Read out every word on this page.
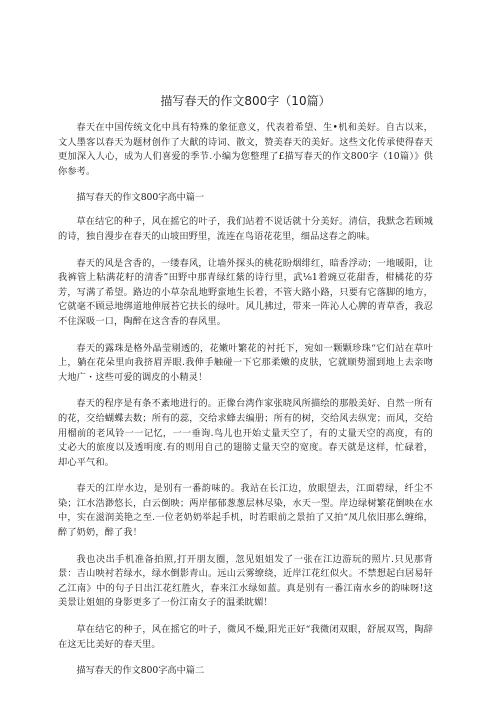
描写春天的作文800字（10篇）

春天在中国传统文化中具有特殊的象征意义，代表着希望、生•机和美好。自古以来，文人墨客以春天为题材创作了大献的诗词、散文，赞美春天的美好。这些文化传承使得春天更加深入人心，成为人们喜爱的季节.小编为您整理了£描写春天的作文800字（10篇）》供你参考。

描写春天的作文800字高中篇一

草在结它的种子，风在摇它的叶子，我们站着不说话就十分美好。清信，我默念若顾城的诗，独自漫步在春天的山坡田野里，流连在鸟语花花里，细品这春之韵味。

春天的风是含香的，一缕春风，让墙外探头的桃花盼烟绯红，暗香浮动；一地暖阳，让我裤管上粘满花籽的清香”田野中那青绿红紫的诗行里，武⅛1着豌豆花甜香，柑橘花的芬芳，写满了希望。路边的小草杂乱地野蛮地生长着，不管大路小路，只要有它落脚的地方，它就毫不顾忌地绑道地伸展苔它扶长的绿叶。风儿拂过，带来一阵沁人心脾的青草香，我忍不住深吸一口，陶醉在这含香的春风里。

春天的露珠是格外晶莹剔透的，花嫩叶繁花的衬托下，宛如一颗颗珍珠“它们站在草叶上，躺在花朵里向我挤眉弄眼.我伸手触碰一下它那柔嫩的皮肤，它就顺势溜到地上去亲吻大地广・这些可爱的调皮的小精灵！

春天的程序是有条不紊地进行的。正像台湾作家张晓风所描绘的那般美好、自然一所有的花，交给蝴蝶去数；所有的蕊，交给求蜂去编册；所有的树，交给风去纵宠；而风，交给用榴前的老风铃一一记忆，一一垂询.鸟儿也开始丈量天空了，有的丈量天空的高度，有的丈必大的旅度以及透明度.有的则用自己的翅膀丈量天空的宽度。春天就是这样，忙碌着，却心平气和。

春天的江岸水边，是别有一番韵味的。我站在长江边，放眼望去，江面碧绿，纤尘不染；江水浩渺悠长，白云倒映；两岸郁郁葱葱层林尽染，水天一型。岸边绿树繁花倒映在水中，实在滋润美艳之至.一位老奶奶举起手机，时若眼前之景拍了又拍“凤几依旧那么缠绵，醉了奶奶，醉了我！

我也决出手机准备拍照,打开朋友圈，忽见姐姐发了一张在江边游玩的照片.只见那背景：吉山映衬若绿水，绿水倒影青山。远山云雾缭绕，近岸江花红似火。不禁想起白居易轩乙江南》中的句子日出江花红胜火，春来江水绿如蓝。真是别有一番江南水乡的韵味呀!这美景让姐姐的身影更多了一份江南女子的温柔眈媚！

草在结它的种子，风在摇它的叶子，微风不燥,阳光正好“我微闭双眼，舒展双骂，陶辞在这无比美好的春天里。

描写春天的作文800字高中篇二
